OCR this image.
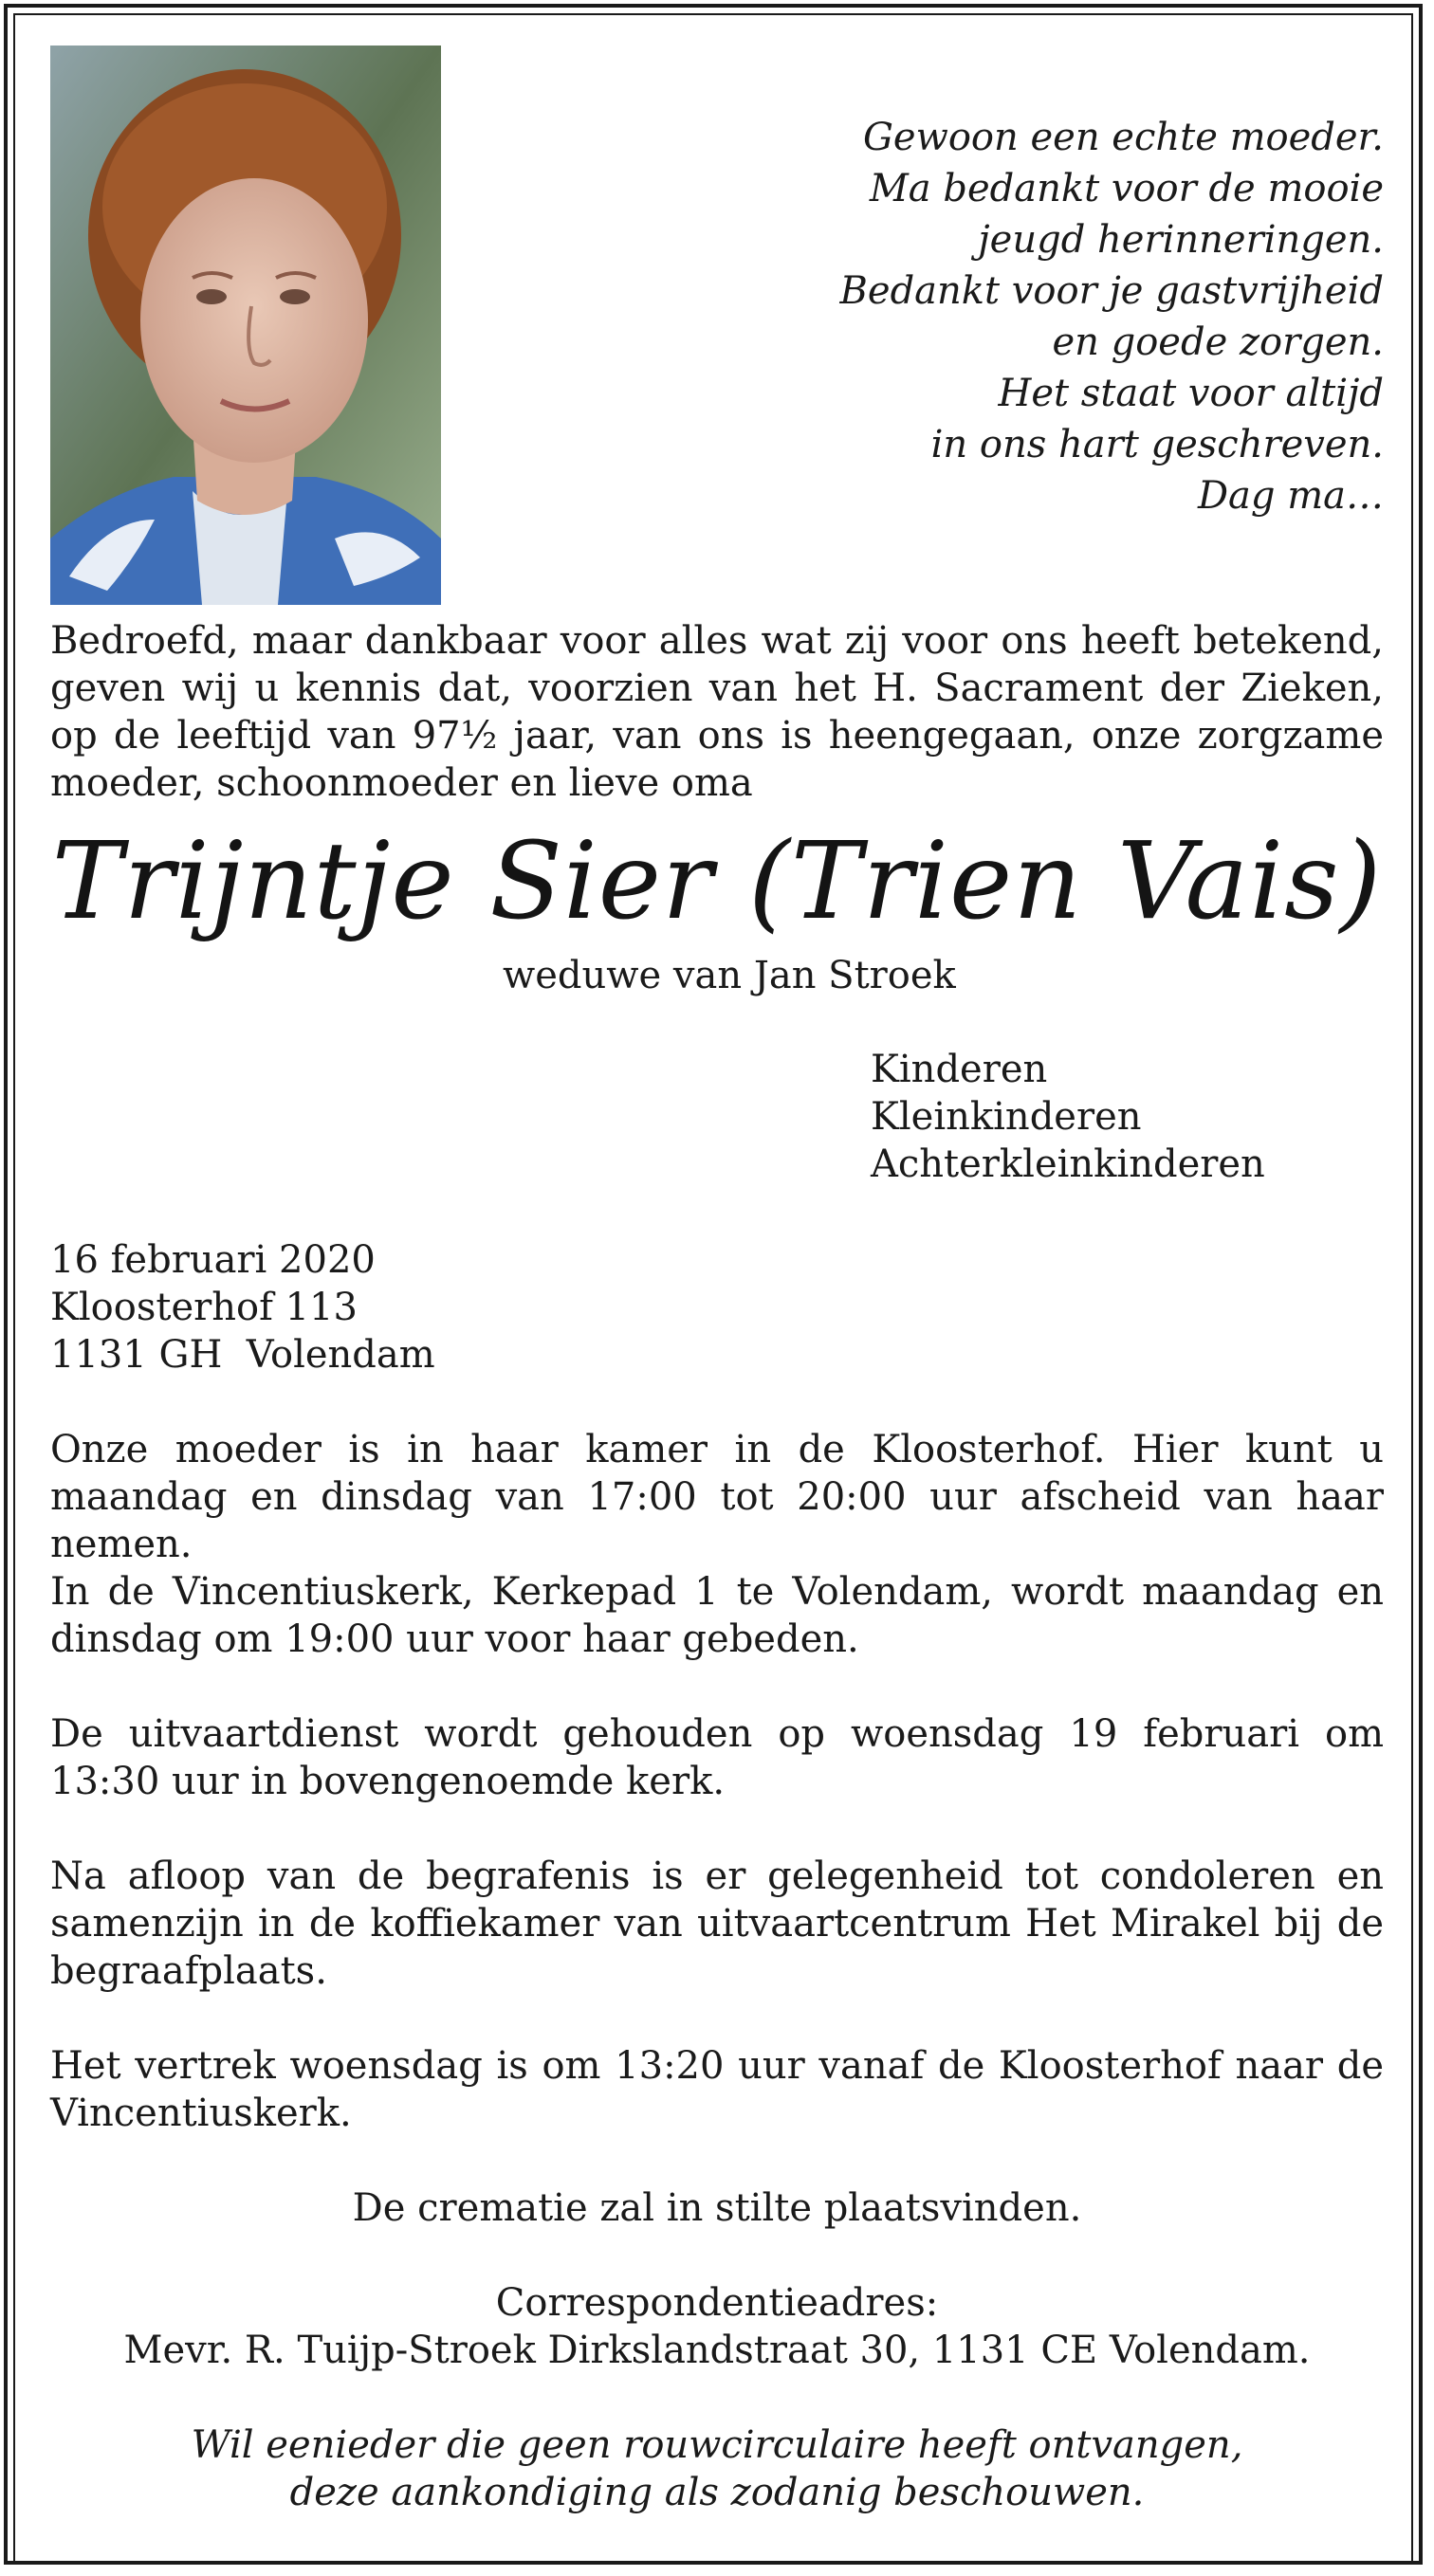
Gewoon een echte moeder.
Ma bedankt voor de mooie
jeugd herinneringen.
Bedankt voor je gastvrijheid
en goede zorgen.
Het staat voor altijd
in ons hart geschreven.
Dag ma…
Bedroefd, maar dankbaar voor alles wat zij voor ons heeft betekend, geven wij u kennis dat, voorzien van het H. Sacrament der Zieken, op de leeftijd van 97½ jaar, van ons is heengegaan, onze zorgzame moeder, schoonmoeder en lieve oma
Trijntje Sier (Trien Vais)
weduwe van Jan Stroek
Kinderen
Kleinkinderen
Achterkleinkinderen
16 februari 2020
Kloosterhof 113
1131 GH  Volendam
Onze moeder is in haar kamer in de Kloosterhof. Hier kunt u maandag en dinsdag van 17:00 tot 20:00 uur afscheid van haar nemen.
In de Vincentiuskerk, Kerkepad 1 te Volendam, wordt maandag en dinsdag om 19:00 uur voor haar gebeden.
De uitvaartdienst wordt gehouden op woensdag 19 februari om 13:30 uur in bovengenoemde kerk.
Na afloop van de begrafenis is er gelegenheid tot condoleren en samenzijn in de koffiekamer van uitvaartcentrum Het Mirakel bij de begraafplaats.
Het vertrek woensdag is om 13:20 uur vanaf de Kloosterhof naar de Vincentiuskerk.
De crematie zal in stilte plaatsvinden.
Correspondentieadres:
Mevr. R. Tuijp-Stroek Dirkslandstraat 30, 1131 CE Volendam.
Wil eenieder die geen rouwcirculaire heeft ontvangen,
deze aankondiging als zodanig beschouwen.
